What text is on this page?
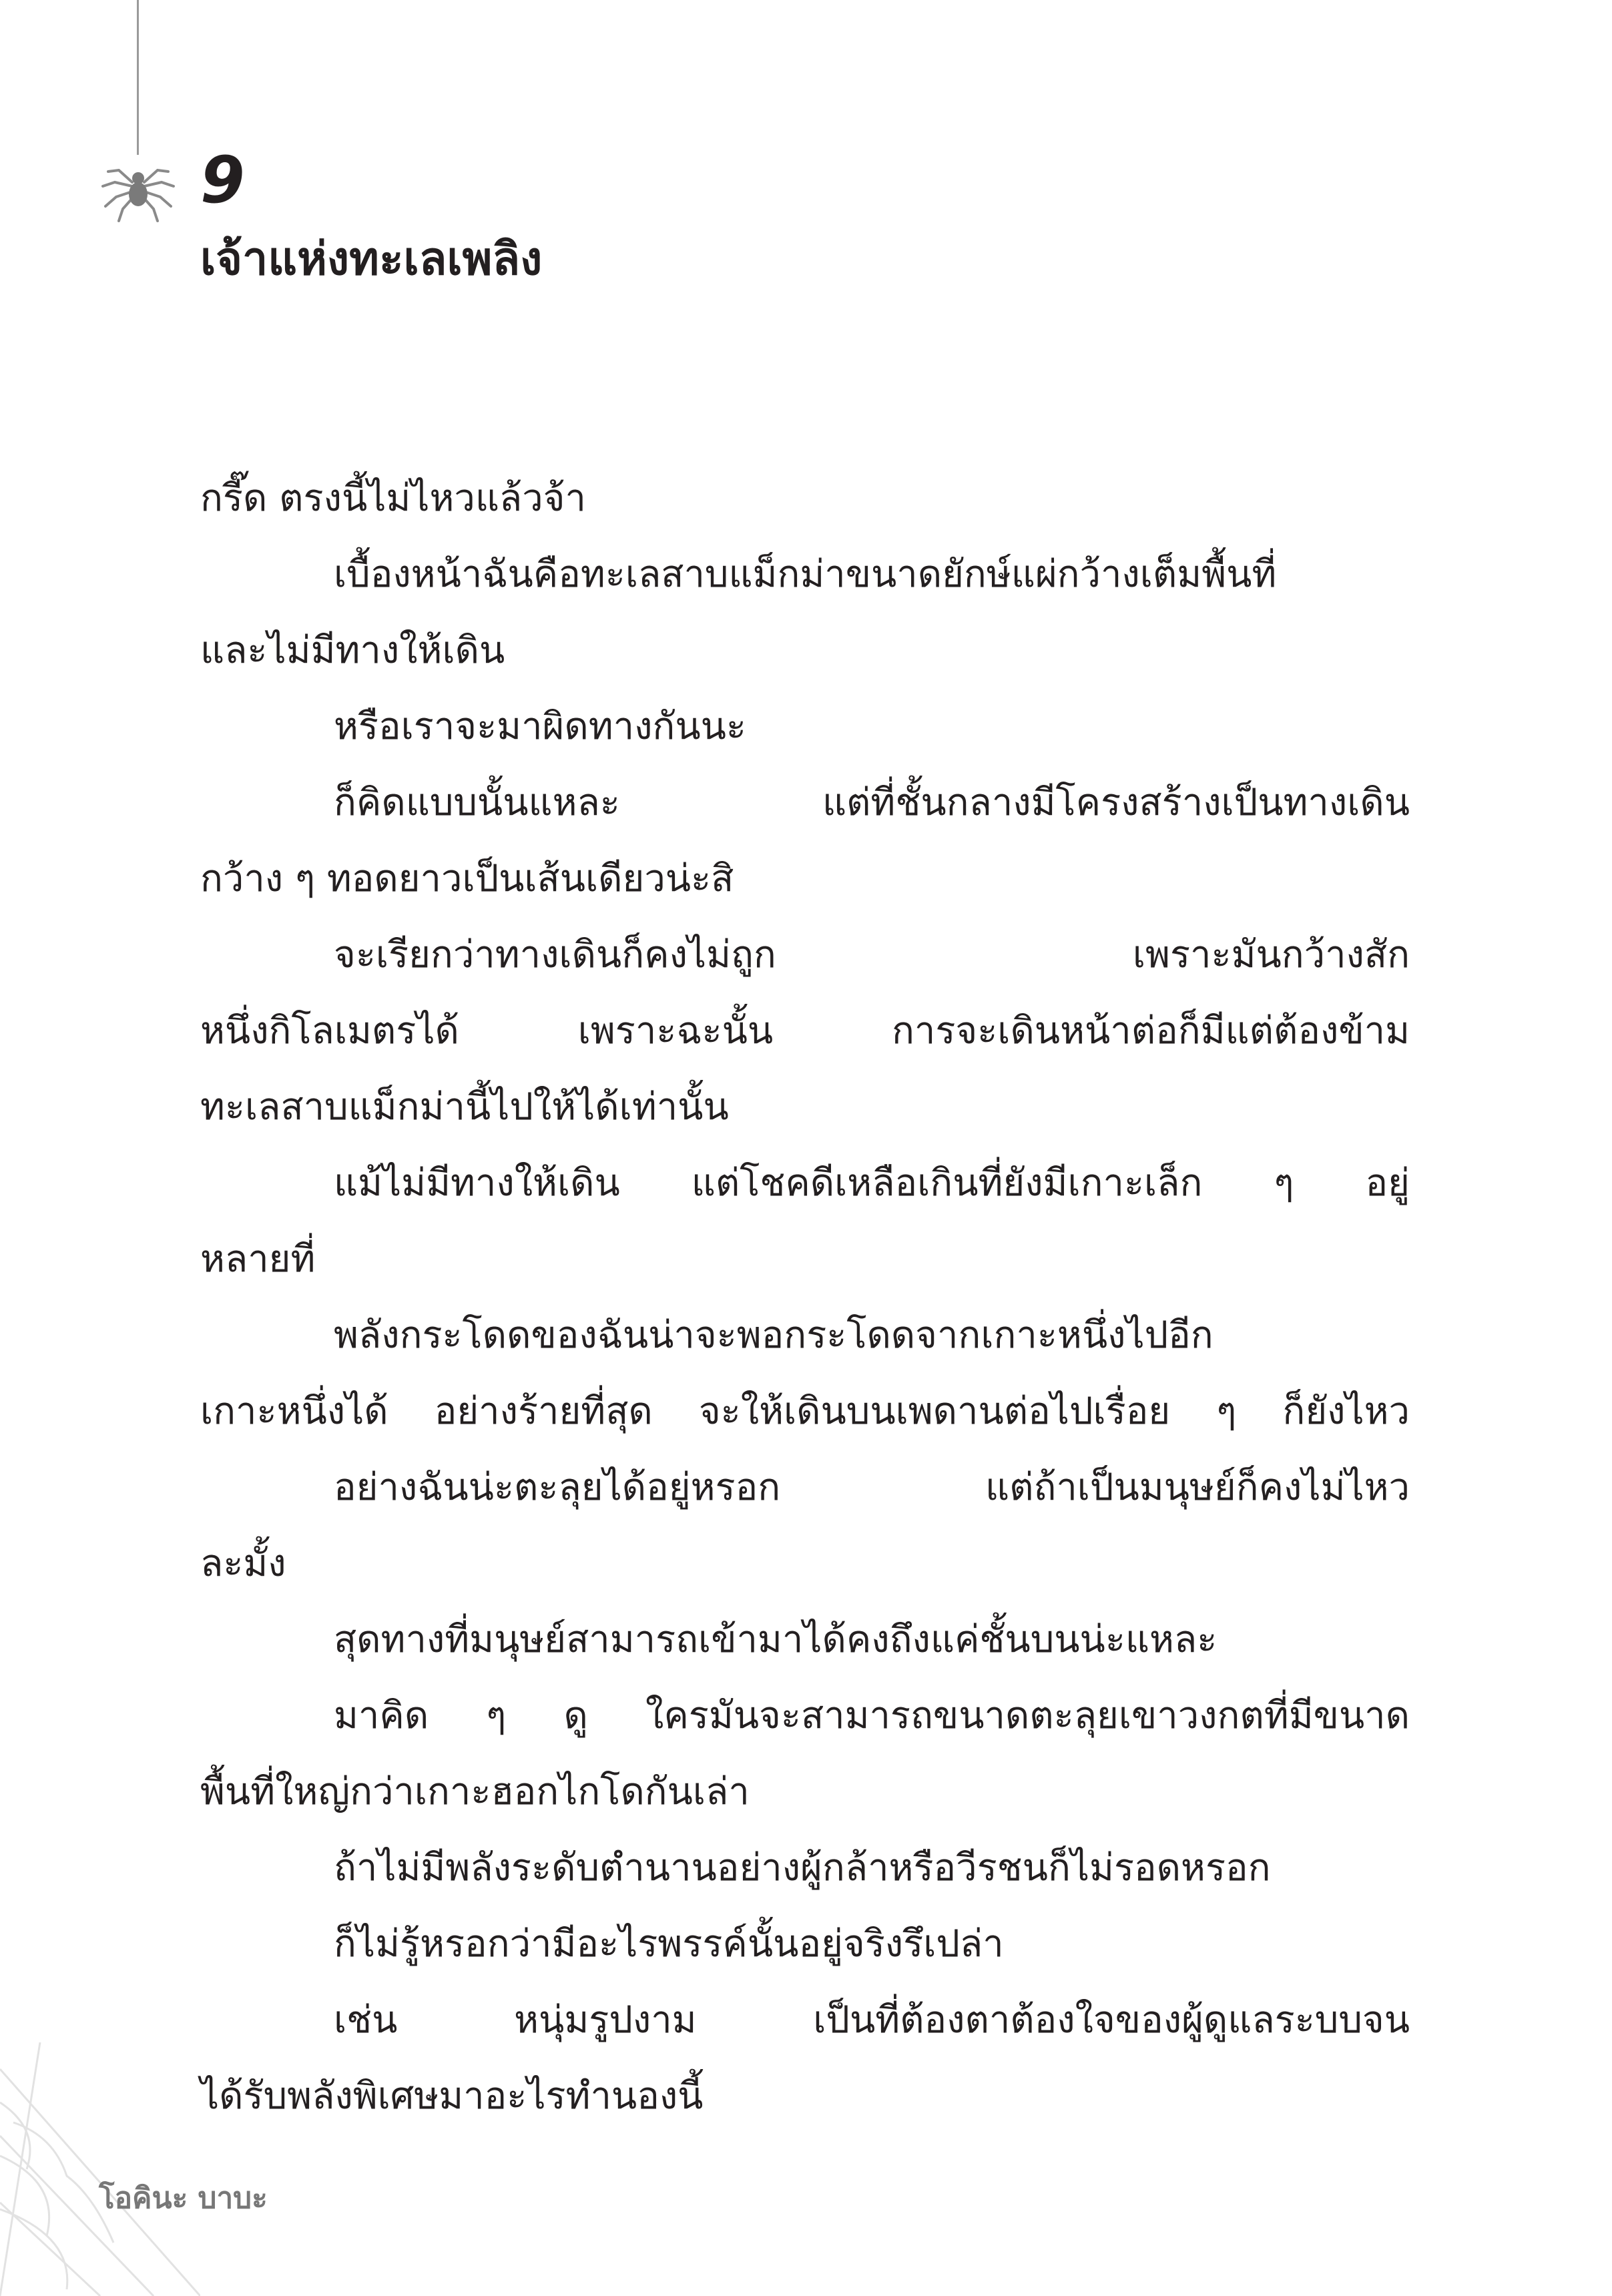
9
เจ้าแห่งทะเลเพลิง
กรี๊ด ตรงนี้ไม่ไหวแล้วจ้า
เบื้องหน้าฉันคือทะเลสาบแม็กม่าขนาดยักษ์แผ่กว้างเต็มพื้นที่
และไม่มีทางให้เดิน
หรือเราจะมาผิดทางกันนะ
ก็คิดแบบนั้นแหละ แต่ที่ชั้นกลางมีโครงสร้างเป็นทางเดิน
กว้าง ๆ ทอดยาวเป็นเส้นเดียวน่ะสิ
จะเรียกว่าทางเดินก็คงไม่ถูก เพราะมันกว้างสัก
หนึ่งกิโลเมตรได้ เพราะฉะนั้น การจะเดินหน้าต่อก็มีแต่ต้องข้าม
ทะเลสาบแม็กม่านี้ไปให้ได้เท่านั้น
แม้ไม่มีทางให้เดิน แต่โชคดีเหลือเกินที่ยังมีเกาะเล็ก ๆ อยู่
หลายที่
พลังกระโดดของฉันน่าจะพอกระโดดจากเกาะหนึ่งไปอีก
เกาะหนึ่งได้ อย่างร้ายที่สุด จะให้เดินบนเพดานต่อไปเรื่อย ๆ ก็ยังไหว
อย่างฉันน่ะตะลุยได้อยู่หรอก แต่ถ้าเป็นมนุษย์ก็คงไม่ไหว
ละมั้ง
สุดทางที่มนุษย์สามารถเข้ามาได้คงถึงแค่ชั้นบนน่ะแหละ
มาคิด ๆ ดู ใครมันจะสามารถขนาดตะลุยเขาวงกตที่มีขนาด
พื้นที่ใหญ่กว่าเกาะฮอกไกโดกันเล่า
ถ้าไม่มีพลังระดับตำนานอย่างผู้กล้าหรือวีรชนก็ไม่รอดหรอก
ก็ไม่รู้หรอกว่ามีอะไรพรรค์นั้นอยู่จริงรึเปล่า
เช่น หนุ่มรูปงาม เป็นที่ต้องตาต้องใจของผู้ดูแลระบบจน
ได้รับพลังพิเศษมาอะไรทำนองนี้
โอคินะ บาบะ
